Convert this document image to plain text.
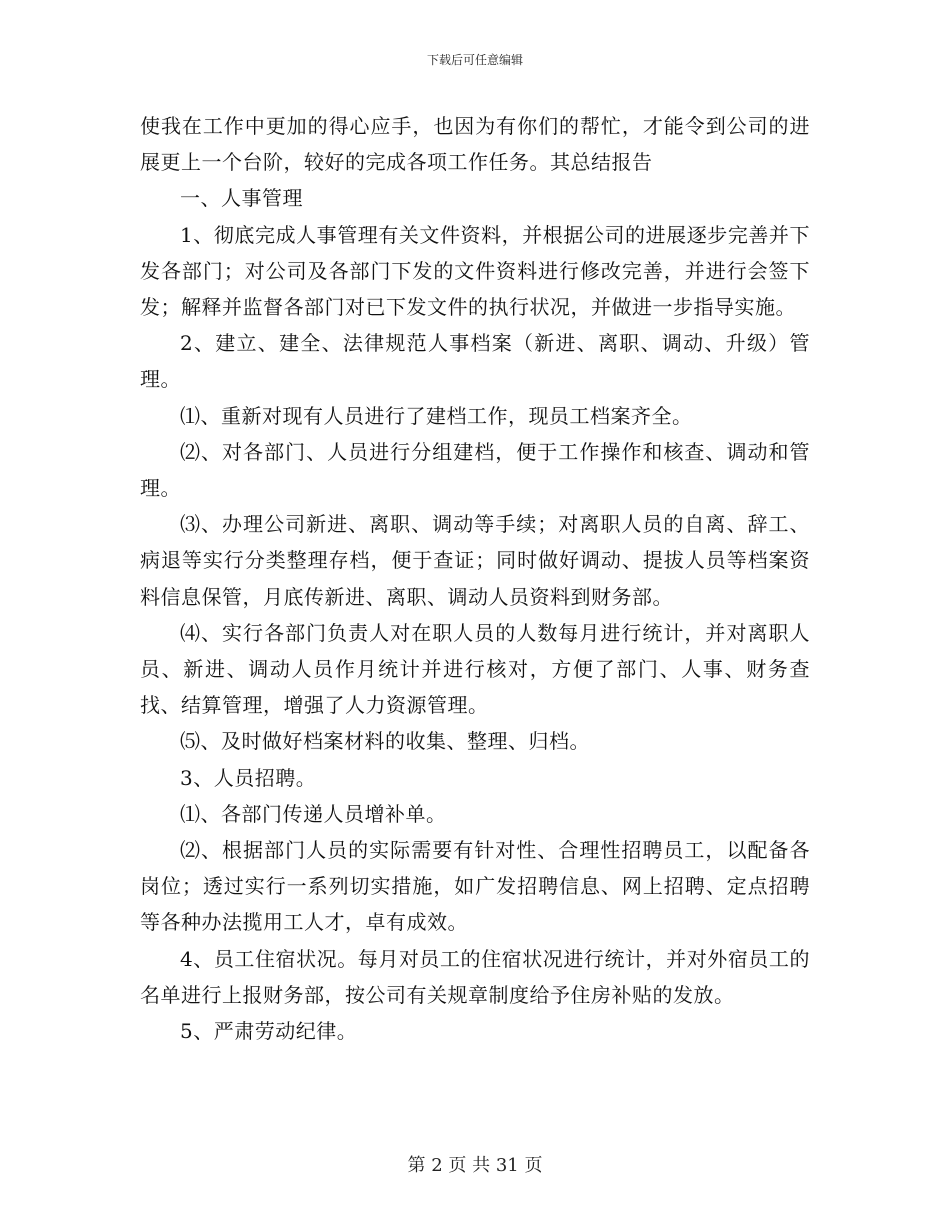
下载后可任意编辑

使我在工作中更加的得心应手，也因为有你们的帮忙，才能令到公司的进展更上一个台阶，较好的完成各项工作任务。其总结报告

一、人事管理

1、彻底完成人事管理有关文件资料，并根据公司的进展逐步完善并下发各部门；对公司及各部门下发的文件资料进行修改完善，并进行会签下发；解释并监督各部门对已下发文件的执行状况，并做进一步指导实施。

2、建立、建全、法律规范人事档案（新进、离职、调动、升级）管理。

⑴、重新对现有人员进行了建档工作，现员工档案齐全。

⑵、对各部门、人员进行分组建档，便于工作操作和核查、调动和管理。

⑶、办理公司新进、离职、调动等手续；对离职人员的自离、辞工、病退等实行分类整理存档，便于查证；同时做好调动、提拔人员等档案资料信息保管，月底传新进、离职、调动人员资料到财务部。

⑷、实行各部门负责人对在职人员的人数每月进行统计，并对离职人员、新进、调动人员作月统计并进行核对，方便了部门、人事、财务查找、结算管理，增强了人力资源管理。

⑸、及时做好档案材料的收集、整理、归档。

3、人员招聘。

⑴、各部门传递人员增补单。

⑵、根据部门人员的实际需要有针对性、合理性招聘员工，以配备各岗位；透过实行一系列切实措施，如广发招聘信息、网上招聘、定点招聘等各种办法揽用工人才，卓有成效。

4、员工住宿状况。每月对员工的住宿状况进行统计，并对外宿员工的名单进行上报财务部，按公司有关规章制度给予住房补贴的发放。

5、严肃劳动纪律。

第 2 页 共 31 页
